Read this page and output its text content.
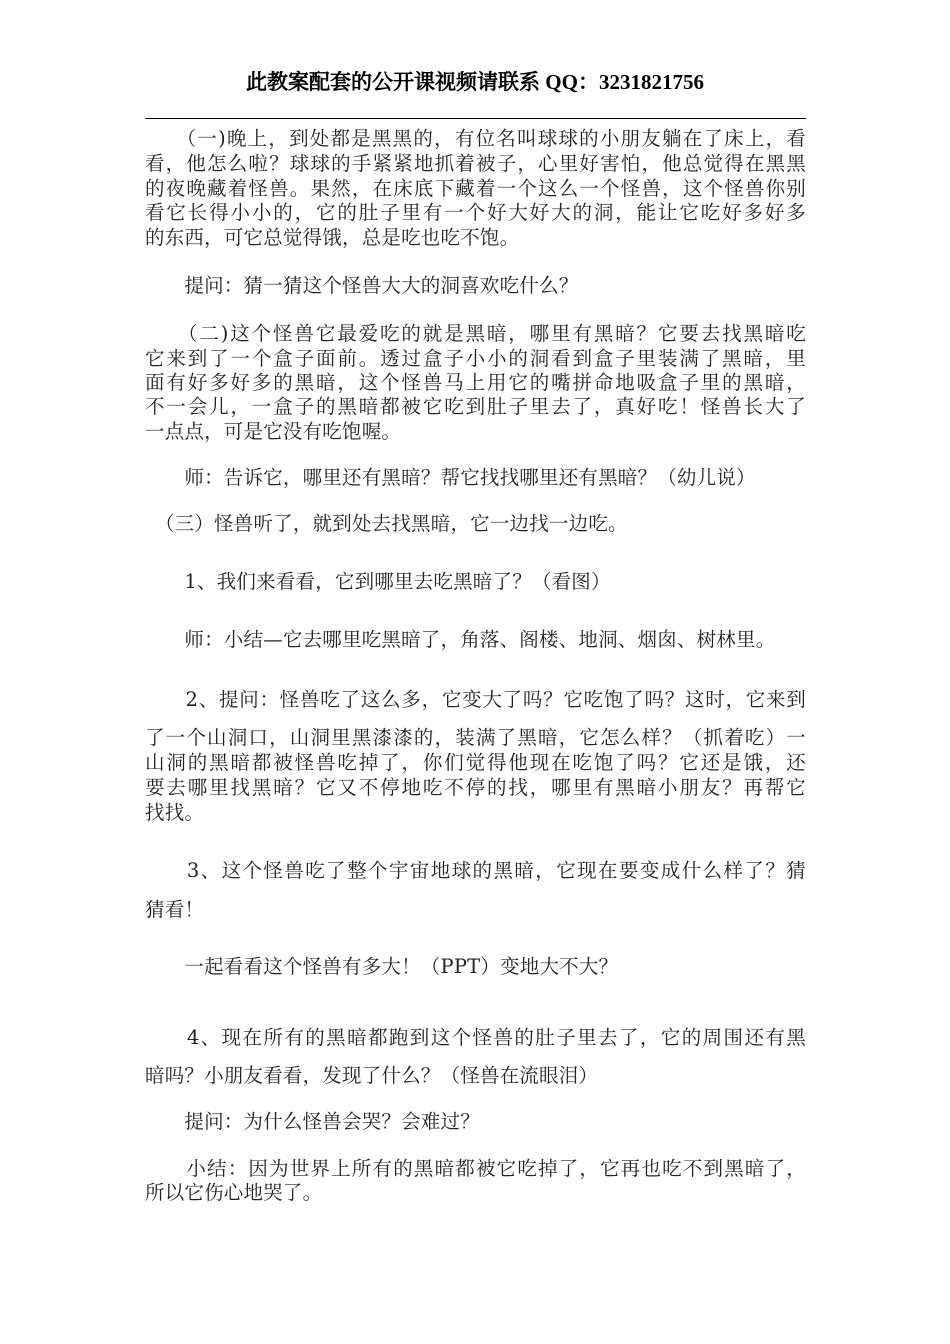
此教案配套的公开课视频请联系 QQ：3231821756
　　（一)晚上，到处都是黑黑的，有位名叫球球的小朋友躺在了床上，看
看，他怎么啦？球球的手紧紧地抓着被子，心里好害怕，他总觉得在黑黑
的夜晚藏着怪兽。果然，在床底下藏着一个这么一个怪兽，这个怪兽你别
看它长得小小的，它的肚子里有一个好大好大的洞，能让它吃好多好多
的东西，可它总觉得饿，总是吃也吃不饱。
　　提问：猜一猜这个怪兽大大的洞喜欢吃什么？
　　（二)这个怪兽它最爱吃的就是黑暗，哪里有黑暗？它要去找黑暗吃
它来到了一个盒子面前。透过盒子小小的洞看到盒子里装满了黑暗，里
面有好多好多的黑暗，这个怪兽马上用它的嘴拼命地吸盒子里的黑暗，
不一会儿，一盒子的黑暗都被它吃到肚子里去了，真好吃！怪兽长大了
一点点，可是它没有吃饱喔。
　　师：告诉它，哪里还有黑暗？帮它找找哪里还有黑暗？（幼儿说）
　（三）怪兽听了，就到处去找黑暗，它一边找一边吃。
　　1、我们来看看，它到哪里去吃黑暗了？（看图）
　　师：小结—它去哪里吃黑暗了，角落、阁楼、地洞、烟囱、树林里。
　　2、提问：怪兽吃了这么多，它变大了吗？它吃饱了吗？这时，它来到
了一个山洞口，山洞里黑漆漆的，装满了黑暗，它怎么样？（抓着吃）一
山洞的黑暗都被怪兽吃掉了，你们觉得他现在吃饱了吗？它还是饿，还
要去哪里找黑暗？它又不停地吃不停的找，哪里有黑暗小朋友？再帮它
找找。
　　3、这个怪兽吃了整个宇宙地球的黑暗，它现在要变成什么样了？猜
猜看！
　　一起看看这个怪兽有多大！（PPT）变地大不大？
　　4、现在所有的黑暗都跑到这个怪兽的肚子里去了，它的周围还有黑
暗吗？小朋友看看，发现了什么？（怪兽在流眼泪）
　　提问：为什么怪兽会哭？会难过？
　　小结：因为世界上所有的黑暗都被它吃掉了，它再也吃不到黑暗了，
所以它伤心地哭了。
